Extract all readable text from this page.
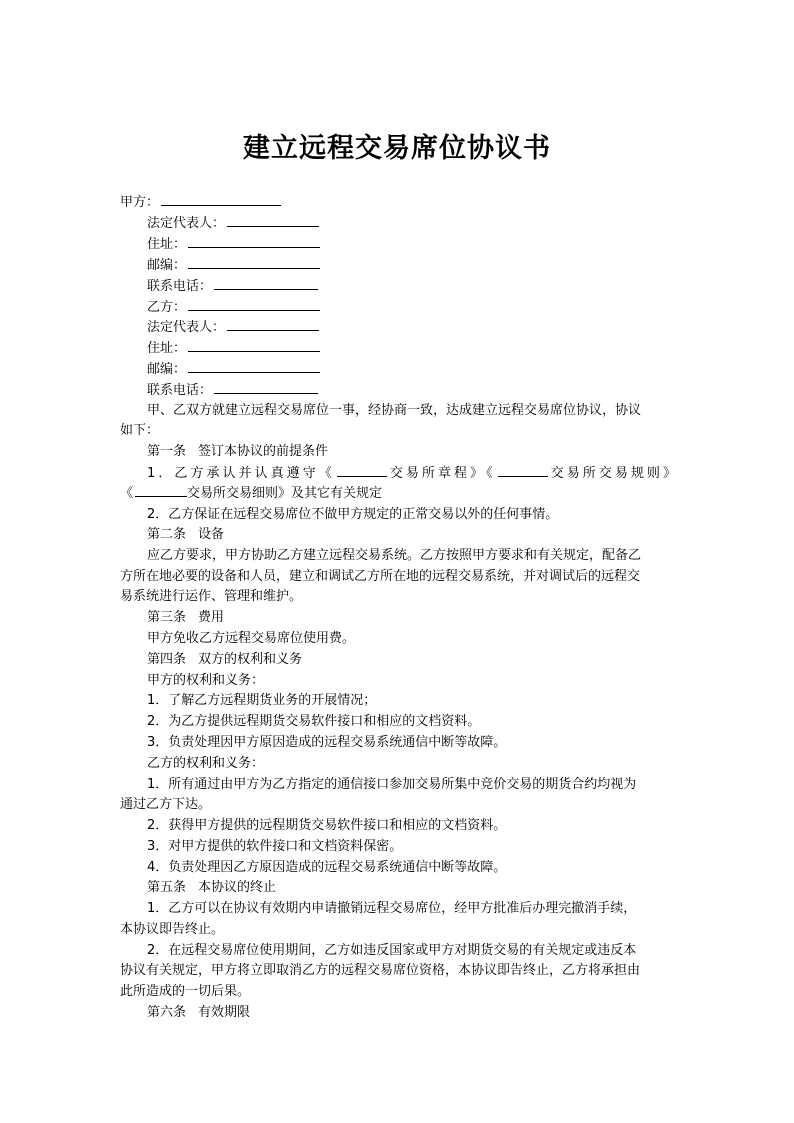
建立远程交易席位协议书
甲方：
法定代表人：
住址：
邮编：
联系电话：
乙方：
法定代表人：
住址：
邮编：
联系电话：
甲、乙双方就建立远程交易席位一事，经协商一致，达成建立远程交易席位协议，协议
如下：
第一条 签订本协议的前提条件
1．乙方承认并认真遵守《	交易所章程》《	交易所交易规则》
《	交易所交易细则》及其它有关规定
2．乙方保证在远程交易席位不做甲方规定的正常交易以外的任何事情。
第二条 设备
应乙方要求，甲方协助乙方建立远程交易系统。乙方按照甲方要求和有关规定，配备乙
方所在地必要的设备和人员，建立和调试乙方所在地的远程交易系统，并对调试后的远程交
易系统进行运作、管理和维护。
第三条 费用
甲方免收乙方远程交易席位使用费。
第四条 双方的权利和义务
甲方的权利和义务：
1．了解乙方远程期货业务的开展情况；
2．为乙方提供远程期货交易软件接口和相应的文档资料。
3．负责处理因甲方原因造成的远程交易系统通信中断等故障。
乙方的权利和义务：
1．所有通过由甲方为乙方指定的通信接口参加交易所集中竞价交易的期货合约均视为
通过乙方下达。
2．获得甲方提供的远程期货交易软件接口和相应的文档资料。
3．对甲方提供的软件接口和文档资料保密。
4．负责处理因乙方原因造成的远程交易系统通信中断等故障。
第五条 本协议的终止
1．乙方可以在协议有效期内申请撤销远程交易席位，经甲方批准后办理完撤消手续，
本协议即告终止。
2．在远程交易席位使用期间，乙方如违反国家或甲方对期货交易的有关规定或违反本
协议有关规定，甲方将立即取消乙方的远程交易席位资格，本协议即告终止，乙方将承担由
此所造成的一切后果。
第六条 有效期限
